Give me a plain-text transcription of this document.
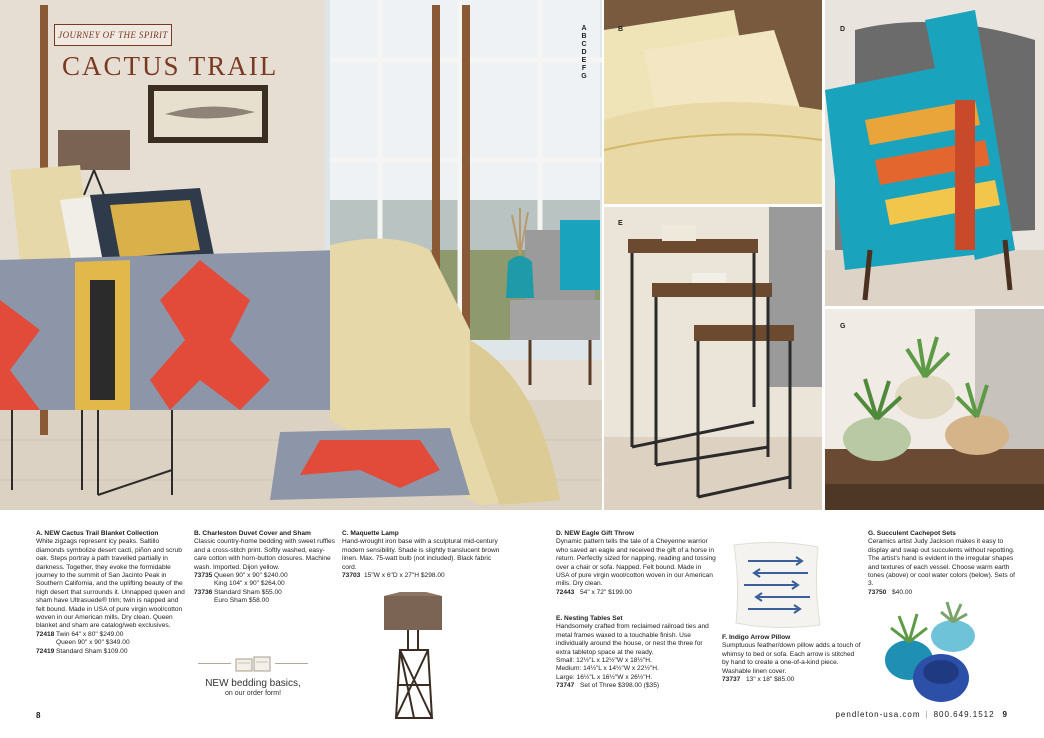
JOURNEY OF THE SPIRIT
CACTUS TRAIL
A
B
C
D
E
F
G
B	D
E
G
A. NEW Cactus Trail Blanket Collection
White zigzags represent icy peaks. Saltillo diamonds symbolize desert cacti, piñon and scrub oak. Steps portray a path travelled partially in darkness. Together, they evoke the formidable journey to the summit of San Jacinto Peak in Southern California, and the uplifting beauty of the high desert that surrounds it. Unnapped queen and sham have Ultrasuede® trim; twin is napped and felt bound. Made in USA of pure virgin wool/cotton woven in our American mills. Dry clean. Queen blanket and sham are catalog/web exclusives.
72418 Twin 64" x 80" $249.00
Queen 90" x 90" $349.00
72419 Standard Sham $109.00
B. Charleston Duvet Cover and Sham
Classic country-home bedding with sweet ruffles and a cross-stitch print. Softly washed, easy-care cotton with horn-button closures. Machine wash. Imported. Dijon yellow.
73735 Queen 90" x 90" $240.00
King 104" x 90" $264.00
73736 Standard Sham $55.00
Euro Sham $58.00
NEW bedding basics,
on our order form!
C. Maquette Lamp
Hand-wrought iron base with a sculptural mid-century modern sensibility. Shade is slightly translucent brown linen. Max. 75-watt bulb (not included). Black fabric cord.
73703 15"W x 6"D x 27"H $298.00
D. NEW Eagle Gift Throw
Dynamic pattern tells the tale of a Cheyenne warrior who saved an eagle and received the gift of a horse in return. Perfectly sized for napping, reading and tossing over a chair or sofa. Napped. Felt bound. Made in USA of pure virgin wool/cotton woven in our American mills. Dry clean.
72443 54" x 72" $199.00
E. Nesting Tables Set
Handsomely crafted from reclaimed railroad ties and metal frames waxed to a touchable finish. Use individually around the house, or nest the three for extra tabletop space at the ready.
Small: 12½"L x 12½"W x 18½"H.
Medium: 14½"L x 14½"W x 22½"H.
Large: 16½"L x 16½"W x 26½"H.
73747 Set of Three $398.00 ($35)
F. Indigo Arrow Pillow
Sumptuous feather/down pillow adds a touch of whimsy to bed or sofa. Each arrow is stitched by hand to create a one-of-a-kind piece. Washable linen cover.
73737 13" x 18" $85.00
G. Succulent Cachepot Sets
Ceramics artist Judy Jackson makes it easy to display and swap out succulents without repotting. The artist's hand is evident in the irregular shapes and textures of each vessel. Choose warm earth tones (above) or cool water colors (below). Sets of 3.
73750 $40.00
8	pendleton-usa.com | 800.649.1512 9
